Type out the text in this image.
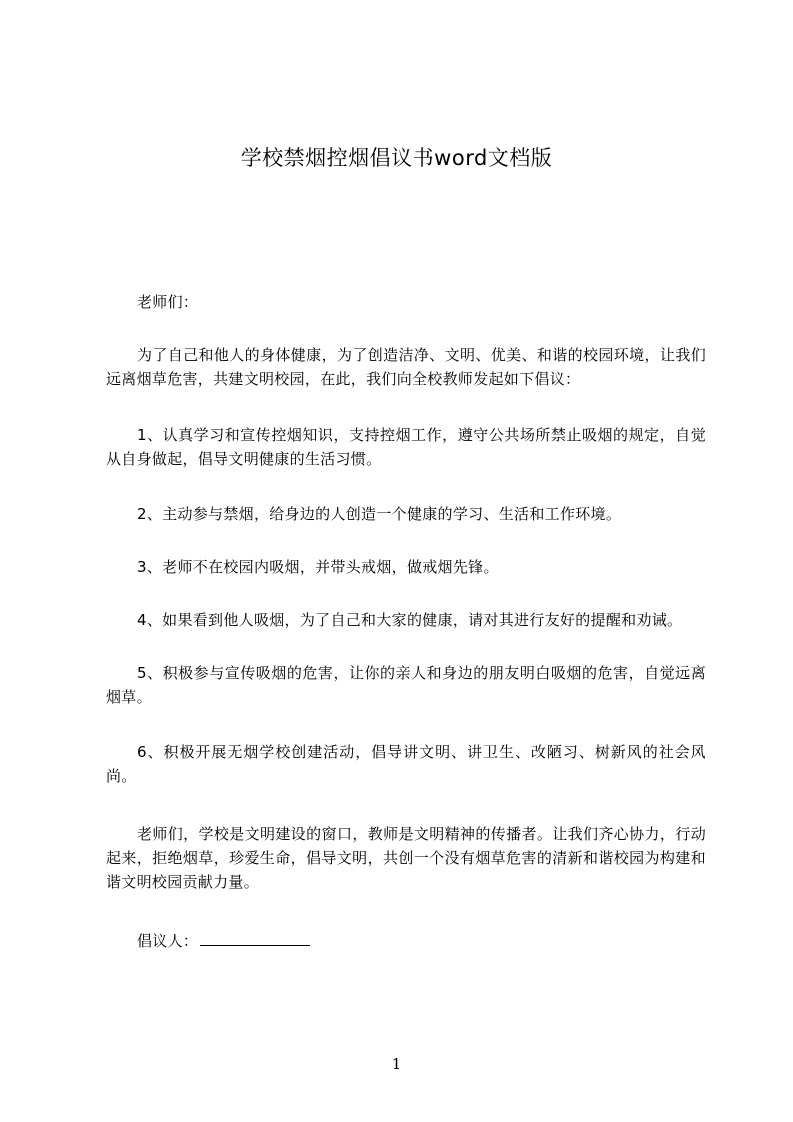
学校禁烟控烟倡议书word文档版
老师们：
为了自己和他人的身体健康，为了创造洁净、文明、优美、和谐的校园环境，让我们远离烟草危害，共建文明校园，在此，我们向全校教师发起如下倡议：
1、认真学习和宣传控烟知识，支持控烟工作，遵守公共场所禁止吸烟的规定，自觉从自身做起，倡导文明健康的生活习惯。
2、主动参与禁烟，给身边的人创造一个健康的学习、生活和工作环境。
3、老师不在校园内吸烟，并带头戒烟，做戒烟先锋。
4、如果看到他人吸烟，为了自己和大家的健康，请对其进行友好的提醒和劝诫。
5、积极参与宣传吸烟的危害，让你的亲人和身边的朋友明白吸烟的危害，自觉远离烟草。
6、积极开展无烟学校创建活动，倡导讲文明、讲卫生、改陋习、树新风的社会风尚。
老师们，学校是文明建设的窗口，教师是文明精神的传播者。让我们齐心协力，行动起来，拒绝烟草，珍爱生命，倡导文明，共创一个没有烟草危害的清新和谐校园为构建和谐文明校园贡献力量。
倡议人：
1
